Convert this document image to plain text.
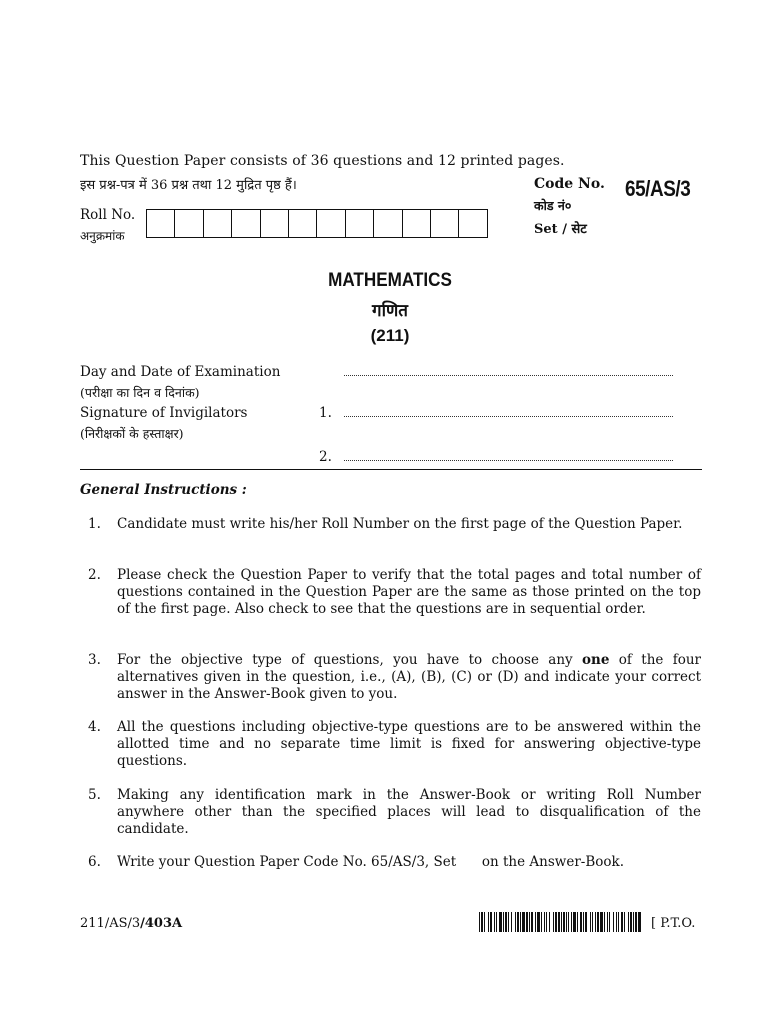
This Question Paper consists of 36 questions and 12 printed pages.
इस प्रश्न-पत्र में 36 प्रश्न तथा 12 मुद्रित पृष्ठ हैं।	Code No.
कोड नं०
Set / सेट
65/AS/3
Roll No.
अनुक्रमांक
MATHEMATICS
गणित
(211)
Day and Date of Examination
(परीक्षा का दिन व दिनांक)
Signature of Invigilators
(निरीक्षकों के हस्ताक्षर)
1.
2.
General Instructions :
1. Candidate must write his/her Roll Number on the first page of the Question Paper.
2. Please check the Question Paper to verify that the total pages and total number of questions contained in the Question Paper are the same as those printed on the top of the first page. Also check to see that the questions are in sequential order.
3. For the objective type of questions, you have to choose any one of the four alternatives given in the question, i.e., (A), (B), (C) or (D) and indicate your correct answer in the Answer-Book given to you.
4. All the questions including objective-type questions are to be answered within the allotted time and no separate time limit is fixed for answering objective-type questions.
5. Making any identification mark in the Answer-Book or writing Roll Number anywhere other than the specified places will lead to disqualification of the candidate.
6. Write your Question Paper Code No. 65/AS/3, Set      on the Answer-Book.
211/AS/3/403A	[ P.T.O.
